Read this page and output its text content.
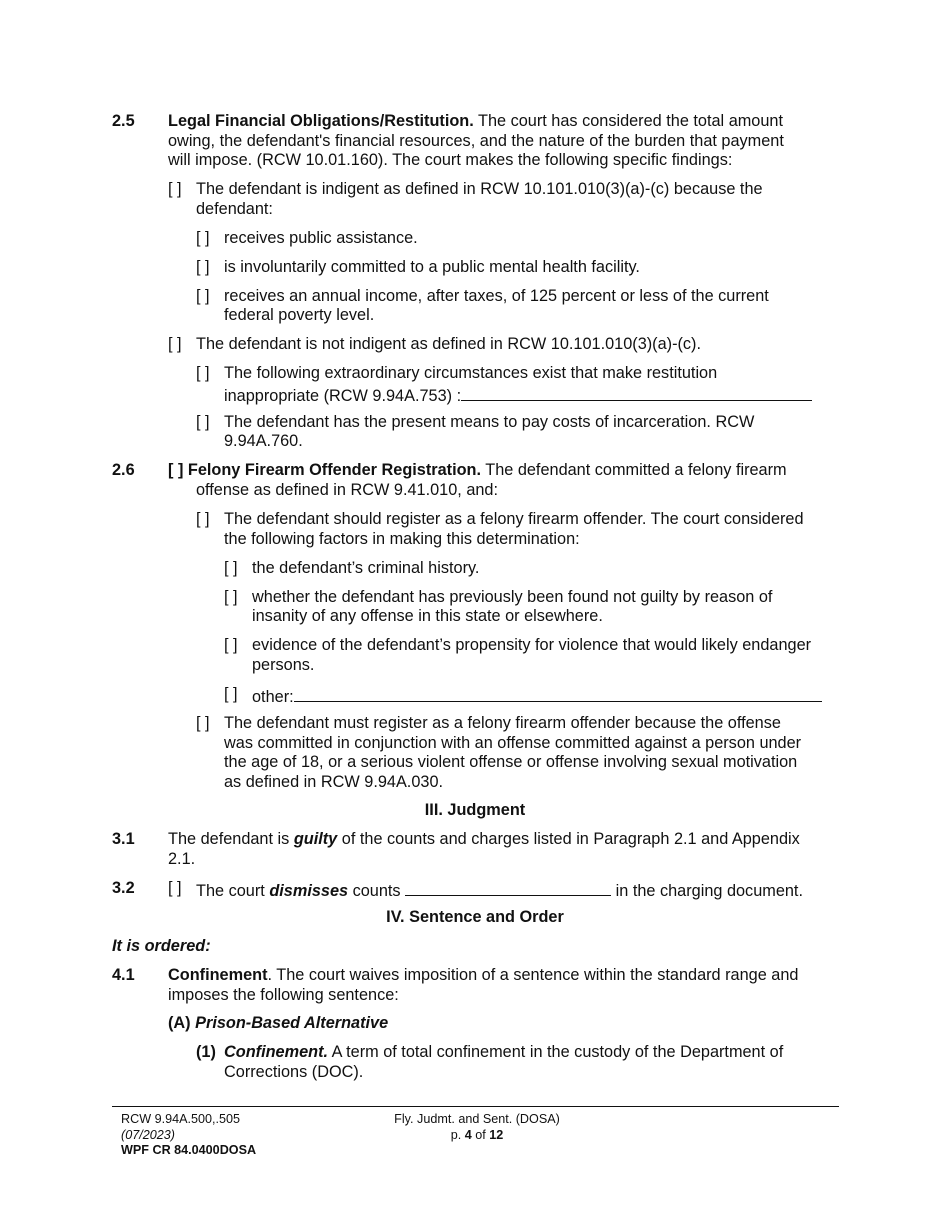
2.5 Legal Financial Obligations/Restitution. The court has considered the total amount
owing, the defendant's financial resources, and the nature of the burden that payment
will impose. (RCW 10.01.160). The court makes the following specific findings:
[ ] The defendant is indigent as defined in RCW 10.101.010(3)(a)-(c) because the
defendant:
[ ] receives public assistance.
[ ] is involuntarily committed to a public mental health facility.
[ ] receives an annual income, after taxes, of 125 percent or less of the current
federal poverty level.
[ ] The defendant is not indigent as defined in RCW 10.101.010(3)(a)-(c).
[ ] The following extraordinary circumstances exist that make restitution
inappropriate (RCW 9.94A.753) :
[ ] The defendant has the present means to pay costs of incarceration. RCW
9.94A.760.
2.6 [ ] Felony Firearm Offender Registration. The defendant committed a felony firearm
offense as defined in RCW 9.41.010, and:
[ ] The defendant should register as a felony firearm offender. The court considered
the following factors in making this determination:
[ ] the defendant’s criminal history.
[ ] whether the defendant has previously been found not guilty by reason of
insanity of any offense in this state or elsewhere.
[ ] evidence of the defendant’s propensity for violence that would likely endanger
persons.
[ ] other:
[ ] The defendant must register as a felony firearm offender because the offense
was committed in conjunction with an offense committed against a person under
the age of 18, or a serious violent offense or offense involving sexual motivation
as defined in RCW 9.94A.030.
III. Judgment
3.1 The defendant is guilty of the counts and charges listed in Paragraph 2.1 and Appendix
2.1.
3.2 [ ] The court dismisses counts	in the charging document.
IV. Sentence and Order
It is ordered:
4.1 Confinement. The court waives imposition of a sentence within the standard range and
imposes the following sentence:
(A) Prison-Based Alternative
(1) Confinement. A term of total confinement in the custody of the Department of
Corrections (DOC).
RCW 9.94A.500,.505
(07/2023)
WPF CR 84.0400DOSA
Fly. Judmt. and Sent. (DOSA)
p. 4 of 12
